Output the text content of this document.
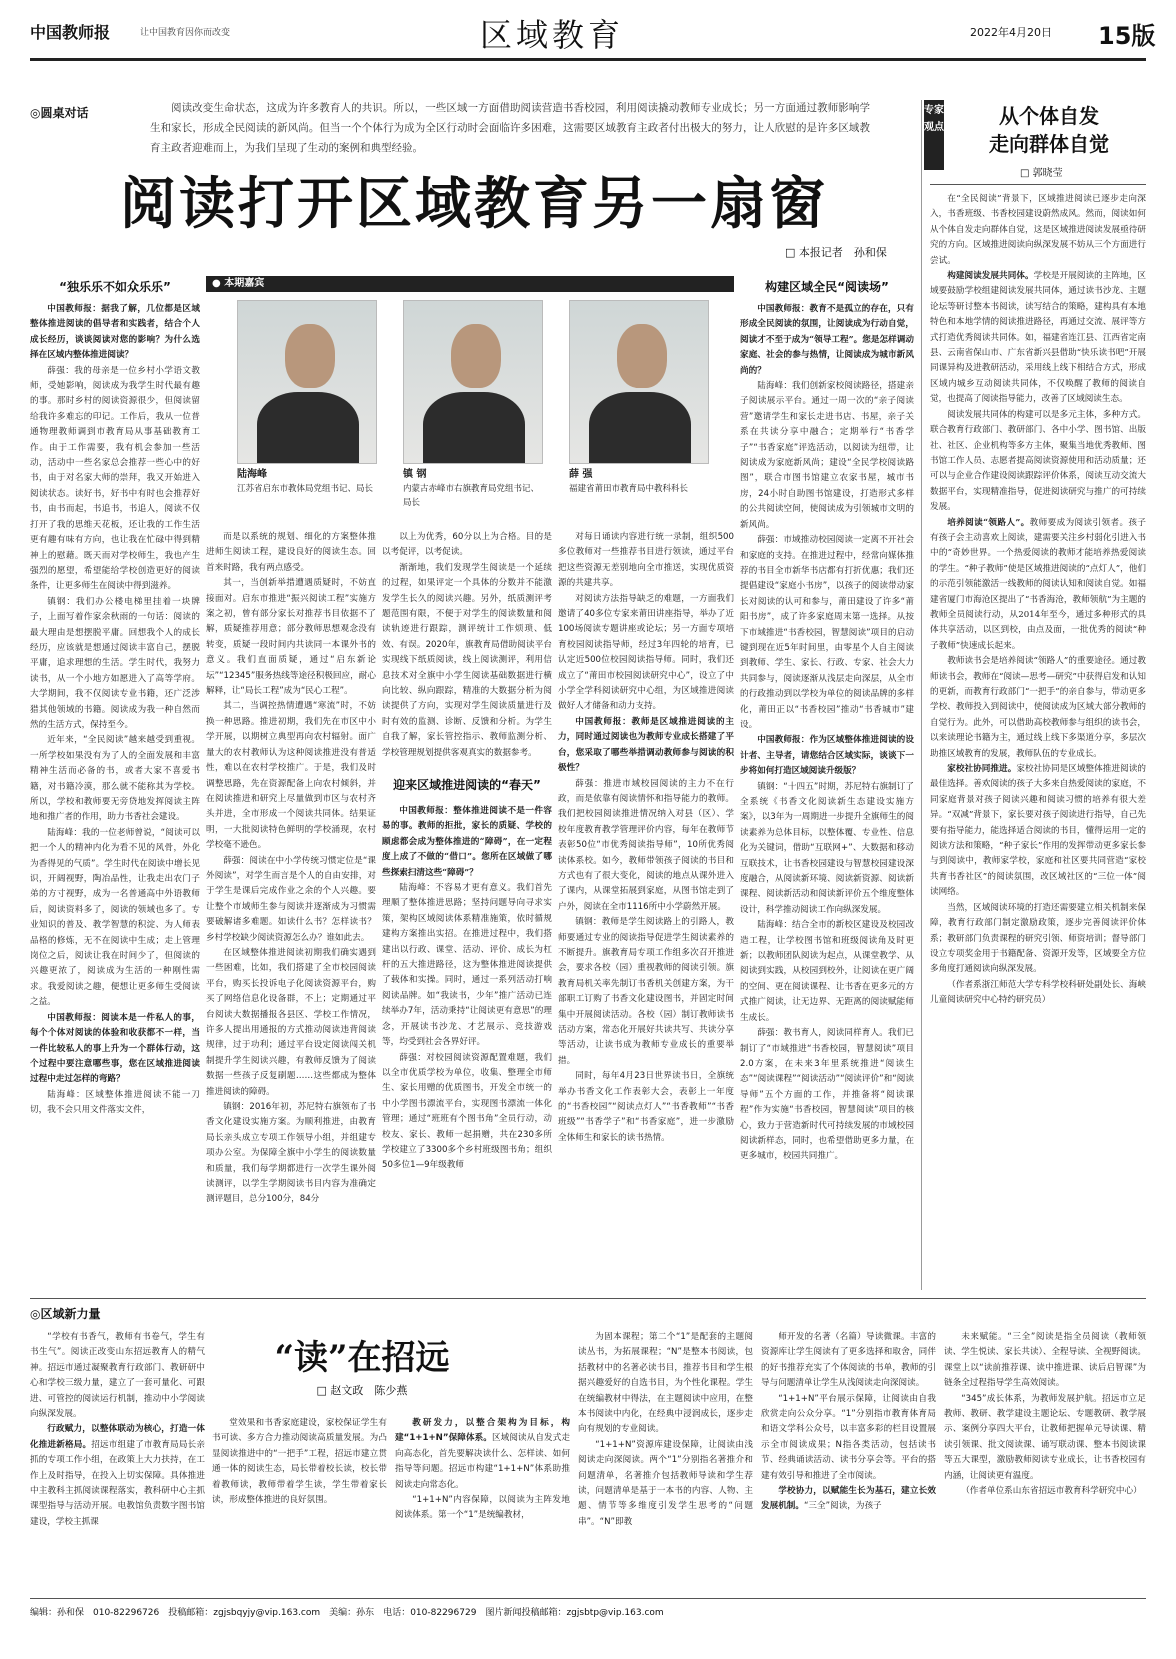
中国教师报	让中国教育因你而改变	区域教育	2022年4月20日 15版
◎圆桌对话	阅读改变生命状态，这成为许多教育人的共识。所以，一些区域一方面借助阅读营造书香校园，利用阅读撬动教师专业成长；另一方面通过教师影响学生和家长，形成全民阅读的新风尚。但当一个个体行为成为全区行动时会面临许多困难，这需要区域教育主政者付出极大的努力，让人欣慰的是许多区域教育主政者迎难而上，为我们呈现了生动的案例和典型经验。
阅读打开区域教育另一扇窗
□ 本报记者　孙和保
“独乐乐不如众乐乐”	● 本期嘉宾	构建区域全民“阅读场”
陆海峰
江苏省启东市教体局党组书记、局长
镇 钢
内蒙古赤峰市右旗教育局党组书记、局长
薛 强
福建省莆田市教育局中教科科长

中国教师报：据我了解，几位都是区域整体推进阅读的倡导者和实践者，结合个人成长经历，谈谈阅读对您的影响？为什么选择在区域内整体推进阅读？

薛强：我的母亲是一位乡村小学语文教师，受她影响，阅读成为我学生时代最有趣的事。那时乡村的阅读资源很少，但阅读留给我许多难忘的印记。工作后，我从一位普通物理教师调到市教育局从事基础教育工作。由于工作需要，我有机会参加一些活动，活动中一些名家总会推荐一些心中的好书，由于对名家大师的崇拜，我又开始进入阅读状态。读好书，好书中有时也会推荐好书，由书而起，书追书，书追人，阅读不仅打开了我的思维天花板，还让我的工作生活更有趣有味有方向，也让我在忙碌中得到精神上的慰藉。既天而对学校师生，我也产生强烈的愿望，希望能给学校创造更好的阅读条件，让更多师生在阅读中得到滋养。

镇钢：我们办公楼电梯里挂着一块牌子，上面写着作家余秋雨的一句话：阅读的最大理由是想摆脱平庸。回想我个人的成长经历，应该就是想通过阅读丰富自己，摆脱平庸，追求理想的生活。学生时代，我努力读书，从一个小地方如愿进入了高等学府。大学期间，我不仅阅读专业书籍，还广泛涉猎其他领域的书籍。阅读成为我一种自然而然的生活方式，保持至今。

近年来，“全民阅读”越来越受到重视。一所学校如果没有为了人的全面发展和丰富精神生活而必备的书，或者大家不喜爱书籍，对书籍冷漠，那么就不能称其为学校。所以，学校和教师要无旁贷地发挥阅读主阵地和推广者的作用，助力书香社会建设。

陆海峰：我的一位老师曾说，“阅读可以把一个人的精神内化为看不见的风骨，外化为香得见的气质”。学生时代在阅读中增长见识，开阔视野，陶冶品性，让我走出农门子弟的方寸视野，成为一名普通高中外语教师后，阅读资料多了，阅读的领域也多了。专业知识的普及、教学智慧的积淀、为人师表品格的修炼，无不在阅读中生成；走上管理岗位之后，阅读让我在时间少了，但阅读的兴趣更浓了，阅读成为生活的一种刚性需求。我爱阅读之趣，便想让更多师生受阅读之益。

中国教师报：阅读本是一件私人的事，每个个体对阅读的体验和收获都不一样，当一件比较私人的事上升为一个群体行动，这个过程中要注意哪些事，您在区域推进阅读过程中走过怎样的弯路？

陆海峰：区域整体推进阅读不能一刀切，我不会只用文件落实文件，

而是以系统的规划、细化的方案整体推进师生阅读工程，建设良好的阅读生态。回首来时路，我有两点感受。

其一，当创新举措遭遇质疑时，不妨直接面对。启东市推进“振兴阅读工程”实施方案之初，曾有部分家长对推荐书目依据不了解，质疑推荐用意；部分教师思想观念没有转变，质疑一段时间内共读同一本课外书的意义。我们直面质疑，通过“启东新论坛”“12345”服务热线等途径积极回应，耐心解释，让“局长工程”成为“民心工程”。

其二，当调控热情遭遇“寒流”时，不妨换一种思路。推进初期，我们先在市区中小学开展，以期树立典型再向农村辐射。面广量大的农村教师认为这种阅读推进没有普适性，难以在农村学校推广。于是，我们及时调整思路，先在资源配备上向农村倾斜，并在阅读推进和研究上尽量做到市区与农村齐头并进，全市形成一个阅读共同体。结果证明，一大批阅读特色鲜明的学校涌现，农村学校毫不逊色。

薛强：阅读在中小学传统习惯定位是“课外阅读”，对学生而言是个人的自由安排，对于学生是课后完成作业之余的个人兴趣。要让整个市域师生参与阅读并逐渐成为习惯需要破解诸多难题。如读什么书？怎样读书？乡村学校缺少阅读资源怎么办？谁如此去。

在区域整体推进阅读初期我们确实遇到一些困难，比如，我们搭建了全市校园阅读平台，购买长投诉电子化阅读资源平台，购买了网络信息化设备群，不上；定期通过平台阅读大数据播报各县区、学校工作情况，许多人提出用通报的方式推动阅读违背阅读规律，过于功利；通过平台设定阅读闯关机制提升学生阅读兴趣，有教师反馈为了阅读数据一些孩子反复刷题……这些都成为整体推进阅读的障碍。

镇钢：2016年初，苏尼特右旗领布了书香文化建设实施方案。为顺利推进，由教育局长亲头成立专项工作领导小组，并组建专项办公室。为保障全旗中小学生的阅读数量和质量，我们每学期都进行一次学生课外阅读测评，以学生学期阅读书目内容为准确定测评题目，总分100分，84分

以上为优秀，60分以上为合格。目的是以考促评，以考促读。

渐渐地，我们发现学生阅读是一个延续的过程，如果评定一个具体的分数并不能激发学生长久的阅读兴趣。另外，纸质测评考题范围有限，不便于对学生的阅读数量和阅读轨迹进行跟踪，测评统计工作烦琐、低效、有误。2020年，旗教育局借助阅读平台实现线下纸质阅读，线上阅读测评，利用信息技术对全旗中小学生阅读基础数据进行横向比较、纵向跟踪，精准的大数据分析为阅读提供了方向，实现对学生阅读质量进行及时有效的监测、诊断、反馈和分析。为学生自我了解，家长管控指示、教师监测分析、学校管理规划提供客观真实的数据参考。

迎来区域推进阅读的“春天”

中国教师报：整体推进阅读不是一件容易的事。教师的拒批，家长的质疑、学校的顾虑都会成为整体推进的“障碍”，在一定程度上成了不做的“借口”。您所在区域做了哪些探索扫清这些“障碍”？

陆海峰：不容易才更有意义。我们首先理顺了整体推进思路；坚持问题导向寻求实策，架构区域阅读体系精准施策，依时循规建构方案推出实招。在推进过程中，我们搭建出以行政、课堂、活动、评价、成长为杠杆的五大推进路径，这为整体推进阅读提供了载体和实操。同时，通过一系列活动打响阅读品牌。如“我读书，少年”推广活动已连续举办7年，活动秉持“让阅读更有意思”的理念，开展读书沙龙、才艺展示、竞技游戏等，均受到社会各界好评。

薛强：对校园阅读资源配置难题，我们以全市优质学校为单位，收集、整理全市师生、家长用赠的优质图书，开发全市统一的中小学图书漂流平台，实现图书漂流一体化管理；通过“班班有个图书角”全员行动，动校友、家长、教师一起捐赠，共在230多所学校建立了3300多个乡村班级图书角；组织50多位1—9年级教师

对每日诵读内容进行统一录制，组织500多位教师对一些推荐书目进行领读，通过平台把这些资源无差别地向全市推送，实现优质资源的共建共享。

对阅读方法指导缺乏的难题，一方面我们邀请了40多位专家来莆田讲座指导，举办了近100场阅读专题讲座或论坛；另一方面专项培育校园阅读指导师，经过3年四轮的培育，已认定近500位校园阅读指导师。同时，我们还成立了“莆田市校园阅读研究中心”，设立了中小学全学科阅读研究中心组，为区域推进阅读做好人才储备和动力支持。

中国教师报：教师是区域推进阅读的主力，同时通过阅读也为教师专业成长搭建了平台，您采取了哪些举措调动教师参与阅读的积极性？

薛强：推进市域校园阅读的主力不在行政，而是依靠有阅读情怀和指导能力的教师。我们把校园阅读推进情况纳入对县（区）、学校年度教育教学管理评价内容，每年在教师节表彰50位“市优秀阅读指导师”，10所优秀阅读体系校。如今，教师带领孩子阅读的书目和方式也有了很大变化，阅读的地点从课外进入了课内，从课堂拓展到家庭，从图书馆走到了户外，阅读在全市1116所中小学蔚然开展。

镇钢：教师是学生阅读路上的引路人，教师要通过专业的阅读指导促进学生阅读素养的不断提升。旗教育局专项工作组多次召开推进会，要求各校（园）重视教师的阅读引领。旗教育局机关率先制订书香机关创建方案，为干部职工订购了书香文化建设图书，并固定时间集中开展阅读活动。各校（园）制订教师读书活动方案，常态化开展好共读共写、共读分享等活动，让读书成为教师专业成长的重要举措。

同时，每年4月23日世界读书日，全旗统举办书香文化工作表彰大会，表彰上一年度的“书香校园”“阅读点灯人”“书香教师”“书香班级”“书香学子”和“书香家庭”，进一步激励全体师生和家长的读书热情。

中国教师报：教育不是孤立的存在，只有形成全民阅读的氛围，让阅读成为行动自觉，阅读才不至于成为“领导工程”。您是怎样调动家庭、社会的参与热情，让阅读成为城市新风尚的？

陆海峰：我们创新家校阅读路径，搭建亲子阅读展示平台。通过一周一次的“亲子阅读营”邀请学生和家长走进书店、书屋，亲子关系在共读分享中融合；定期举行“书香学子”“书香家庭”评选活动，以阅读为纽带，让阅读成为家庭新风尚；建设“全民学校阅读路图”，联合市图书馆建立农家书屋，城市书房，24小时自助图书馆建设，打造形式多样的公共阅读空间，使阅读成为引领城市文明的新风尚。

薛强：市域推动校园阅读一定离不开社会和家庭的支持。在推进过程中，经常向媒体推荐的书目全市新华书店都有打折优惠；我们还提倡建设“家庭小书房”，以孩子的阅读带动家长对阅读的认可和参与，莆田建设了许多“莆阳书房”，成了许多家庭周末第一选择。从按下市域推进“书香校园，智慧阅读”项目的启动键到现在近5年时间里，由零星个人自主阅读到教师、学生、家长、行政、专家、社会大力共同参与，阅读逐渐从浅层走向深层，从全市的行政推动到以学校为单位的阅读品牌的多样化，莆田正以“书香校园”推动“书香城市”建设。

中国教师报：作为区域整体推进阅读的设计者、主导者，请您结合区域实际，谈谈下一步将如何打造区域阅读升级版？

镇钢：“十四五”时期，苏尼特右旗制订了全系统《书香文化阅读新生态建设实施方案》，以3年为一周期进一步提升全旗师生的阅读素养为总体目标，以整体覆、专业性、信息化为关键词，借助“互联网+”、大数据和移动互联技术，让书香校园建设与智慧校园建设深度融合，从阅读新环境、阅读新资源、阅读新课程、阅读新活动和阅读新评价五个维度整体设计，科学推动阅读工作向纵深发展。

陆海峰：结合全市的新校区建设及校园改造工程，让学校图书馆和班级阅读角及时更新；以教师团队阅读为起点，从课堂教学、从阅读到实践，从校园到校外，让阅读在更广阔的空间、更在阅读课程、让书香在更多元的方式推广阅读，让无边界、无距离的阅读赋能师生成长。

薛强：教书育人，阅读同样育人。我们已制订了“市域推进“书香校园，智慧阅读”项目2.0方案，在未来3年里系统推进“阅读生态”“阅读课程”“阅读活动”“阅读评价”和“阅读导师”五个方面的工作，并推备将“阅读课程”作为实施“书香校园，智慧阅读”项目的核心，致力于营造新时代可持续发展的市域校园阅读新样态，同时，也希望借助更多力量，在更多城市，校园共同推广。

专家观点	从个体自发
走向群体自觉
□ 郭晓莹

在“全民阅读”背景下，区域推进阅读已逐步走向深入，书香班级、书香校园建设蔚然成风。然而，阅读如何从个体自发走向群体自觉，这是区域推进阅读发展亟待研究的方向。区域推进阅读向纵深发展不妨从三个方面进行尝试。

构建阅读发展共同体。学校是开展阅读的主阵地，区域要鼓励学校组建阅读发展共同体，通过读书沙龙、主题论坛等研讨整本书阅读，读写结合的策略，建构具有本地特色和本地学情的阅读推进路径，再通过交流、展评等方式打造优秀阅读共同体。如，福建省连江县、江西省定南县、云南省保山市、广东省新兴县借助“快乐读书吧”开展同课异构及进教研活动，采用线上线下相结合方式，形成区域内城乡互动阅读共同体，不仅唤醒了教师的阅读自觉，也提高了阅读指导能力，改善了区域阅读生态。

阅读发展共同体的构建可以是多元主体，多种方式。联合教育行政部门、教研部门、各中小学、图书馆、出版社、社区、企业机构等多方主体，聚集当地优秀教师、图书馆工作人员、志愿者提高阅读资源使用和活动质量；还可以与企业合作建设阅读跟踪评价体系，阅读互动交流大数据平台，实现精准指导，促进阅读研究与推广的可持续发展。

培养阅读“领路人”。教师要成为阅读引领者。孩子有孩子会主动喜欢上阅读，建需要关注乡村弱化引进入书中的“奇妙世界。一个热爱阅读的教师才能培养热爱阅读的学生。“种子教师”使是区域推进阅读的“点灯人”，他们的示范引领能激活一线教师的阅读认知和阅读自觉。如福建省厦门市海沧区提出了“书香海沧，教师领航”为主题的教师全员阅读行动，从2014年至今，通过多种形式的具体共享活动，以区到校，由点及面，一批优秀的阅读“种子教师”快速成长起来。

教师读书会是培养阅读“领路人”的重要途径。通过教师读书会，教师在“阅读—思考—研究”中获得启发和认知的更新，而教育行政部门“一把手”的亲自参与，带动更多学校、教师投入到阅读中，使阅读成为区域大部分教师的自觉行为。此外，可以借助高校教师参与组织的读书会，以来读理论书籍为主，通过线上线下多渠道分享，多层次助推区域教育的发展，教师队伍的专业成长。

家校社协同推进。家校社协同是区域整体推进阅读的最佳选择。善欢阅读的孩子大多来自热爱阅读的家庭，不同家庭背景对孩子阅读兴趣和阅读习惯的培养有很大差异。“双减”背景下，家长要对孩子阅读进行指导，自己先要有指导能力，能选择适合阅读的书目，懂得运用一定的阅读方法和策略，“种子家长”作用的发挥带动更多家长参与到阅读中，教师家学校，家庭和社区要共同营造“家校共育书香社区”的阅读氛围，改区域社区的“三位一体”阅读网络。

当然，区域阅读环境的打造还需要建立相关机制来保障，教育行政部门制定激励政策，逐步完善阅读评价体系；教研部门负责课程的研究引领、师资培训；督导部门设立专项奖金用于书籍配备、资源开发等，区域要全方位多角度打通阅读向纵深发展。

（作者系浙江师范大学专科学校科研处副处长、海峡儿童阅读研究中心特约研究员）

◎区域新力量

“学校有书香气，教师有书卷气，学生有书生气”。阅读正改变山东招远教育人的精气神。招远市通过凝聚教育行政部门、教研研中心和学校三级力量，建立了一套可量化、可跟进、可管控的阅读运行机制，推动中小学阅读向纵深发展。

行政赋力，以整体联动为核心，打造一体化推进新格局。招远市组建了市教育局局长亲抓的专项工作小组，在政策上大力扶持，在工作上及时指导，在投入上切实保障。具体推进中主教科主抓阅读课程落实，教科研中心主抓课型指导与活动开展。电教馆负责数字图书馆建设，学校主抓课

“读”在招远
□ 赵文政　陈少燕

堂效果和书香家庭建设，家校保证学生有书可读、多方合力推动阅读高质量发展。为凸显阅读推进中的“一把手”工程，招远市建立贯通一体的阅读生态，局长带着校长读，校长带着教师读，教师带着学生读，学生带着家长读，形成整体推进的良好氛围。

教研发力，以整合架构为目标，构建“1+1+N”保障体系。区域阅读从自发式走向高态化，首先要解决读什么、怎样读、如何指导等问题。招远市构建“1+1+N”体系助推阅读走向常态化。

“1+1+N”内容保障，以阅读为主阵发地阅读体系。第一个“1”是统编教材，

为固本课程；第二个“1”是配套的主题阅读丛书，为拓展课程；“N”是整本书阅读，包括教材中的名著必读书目，推荐书目和学生根据兴趣爱好的自选书目，为个性化课程。学生在统编教材中得法，在主题阅读中应用，在整本书阅读中内化，在经典中浸润成长，逐步走向有规划的专业阅读。

“1+1+N”资源库建设保障，让阅读由浅阅读走向深阅读。两个“1”分别指名著推介和问题清单，名著推介包括教师导读和学生荐读，问题清单是基于一本书的内容、人物、主题、情节等多维度引发学生思考的“问题串”。“N”即教

师开发的名著（名篇）导读微课。丰富的资源库让学生阅读有了更多选择和取舍，同伴的好书推荐充实了个体阅读的书单，教师的引导与问题清单让学生从浅阅读走向深阅读。

“1+1+N”平台展示保障，让阅读由自我欣赏走向公众分享。“1”分别指市教育体育局和语文学科公众号，以丰富多彩的栏目设置展示全市阅读成果；N指各类活动，包括读书节、经典诵读活动、读书分享会等。平台的搭建有效引导和推进了全市阅读。

学校协力，以赋能生长为基石，建立长效发展机制。“三全”阅读，为孩子

未来赋能。“三全”阅读是指全员阅读（教师领读、学生悦读、家长共读）、全程导读、全视野阅读。课堂上以“读前推荐课、读中推进课、读后启智课”为链条全过程指导学生高效阅读。

“345”成长体系，为教师发展护航。招远市立足教师、教研、教学建设主题论坛、专题教研、教学展示、案例分享四大平台，让教师把握单元导读课、精读引领课、批文阅读课、诵写联动课、整本书阅读课等五大课型，激励教师阅读专业成长，让书香校园有内涵，让阅读更有温度。

（作者单位系山东省招远市教育科学研究中心）

编辑：孙和保　010-82296726　 投稿邮箱：zgjsbqyjy@vip.163.com　 美编：孙东　 电话：010-82296729　 图片新闻投稿邮箱：zgjsbtp@vip.163.com
